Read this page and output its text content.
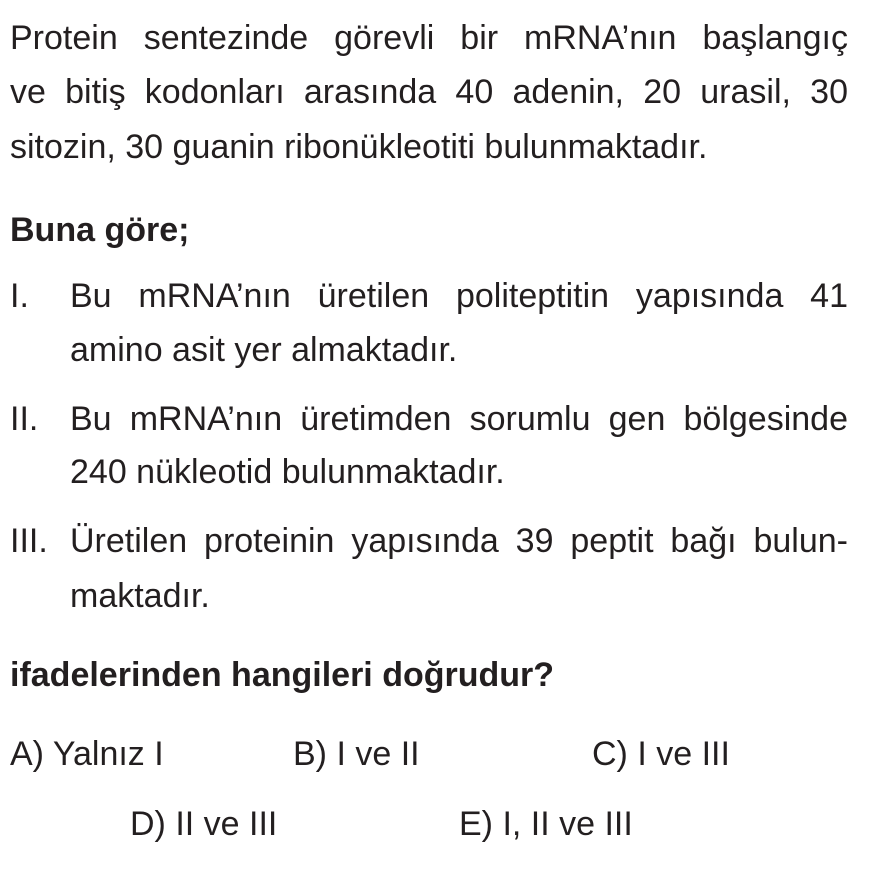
Protein sentezinde görevli bir mRNA’nın başlangıç
ve bitiş kodonları arasında 40 adenin, 20 urasil, 30
sitozin, 30 guanin ribonükleotiti bulunmaktadır.
Buna göre;
I. Bu mRNA’nın üretilen politeptitin yapısında 41
amino asit yer almaktadır.
II. Bu mRNA’nın üretimden sorumlu gen bölgesinde
240 nükleotid bulunmaktadır.
III. Üretilen proteinin yapısında 39 peptit bağı bulun-
maktadır.
ifadelerinden hangileri doğrudur?
A) Yalnız I	B) I ve II	C) I ve III
D) II ve III	E) I, II ve III
